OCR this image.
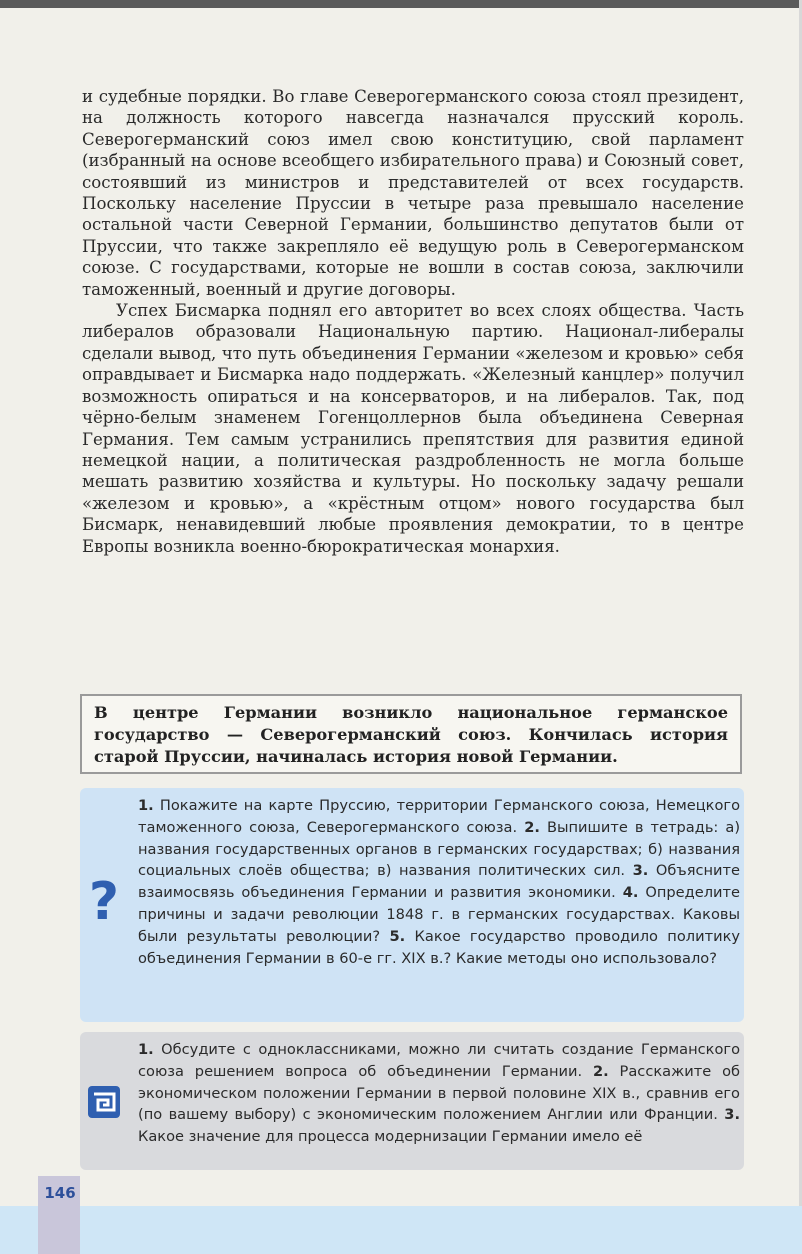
и судебные порядки. Во главе Северогерманского союза стоял президент, на должность которого навсегда назначался прусский король. Северогерманский союз имел свою конституцию, свой парламент (избранный на основе всеобщего избирательного права) и Союзный совет, состоявший из министров и представителей от всех государств. Поскольку население Пруссии в четыре раза превышало население остальной части Северной Германии, большинство депутатов были от Пруссии, что также закрепляло её ведущую роль в Северогерманском союзе. С государствами, которые не вошли в состав союза, заключили таможенный, военный и другие договоры.

Успех Бисмарка поднял его авторитет во всех слоях общества. Часть либералов образовали Национальную партию. Национал-либералы сделали вывод, что путь объединения Германии «железом и кровью» себя оправдывает и Бисмарка надо поддержать. «Железный канцлер» получил возможность опираться и на консерваторов, и на либералов. Так, под чёрно-белым знаменем Гогенцоллернов была объединена Северная Германия. Тем самым устранились препятствия для развития единой немецкой нации, а политическая раздробленность не могла больше мешать развитию хозяйства и культуры. Но поскольку задачу решали «железом и кровью», а «крёстным отцом» нового государства был Бисмарк, ненавидевший любые проявления демократии, то в центре Европы возникла военно-бюрократическая монархия.

В центре Германии возникло национальное германское государство — Северогерманский союз. Кончилась история старой Пруссии, начиналась история новой Германии.
?
1. Покажите на карте Пруссию, территории Германского союза, Немецкого таможенного союза, Северогерманского союза. 2. Выпишите в тетрадь: а) названия государственных органов в германских государствах; б) названия социальных слоёв общества; в) названия политических сил. 3. Объясните взаимосвязь объединения Германии и развития экономики. 4. Определите причины и задачи революции 1848 г. в германских государствах. Каковы были результаты революции? 5. Какое государство проводило политику объединения Германии в 60-е гг. XIX в.? Какие методы оно использовало?
1. Обсудите с одноклассниками, можно ли считать создание Германского союза решением вопроса об объединении Германии. 2. Расскажите об экономическом положении Германии в первой половине XIX в., сравнив его (по вашему выбору) с экономическим положением Англии или Франции. 3. Какое значение для процесса модернизации Германии имело её
146
